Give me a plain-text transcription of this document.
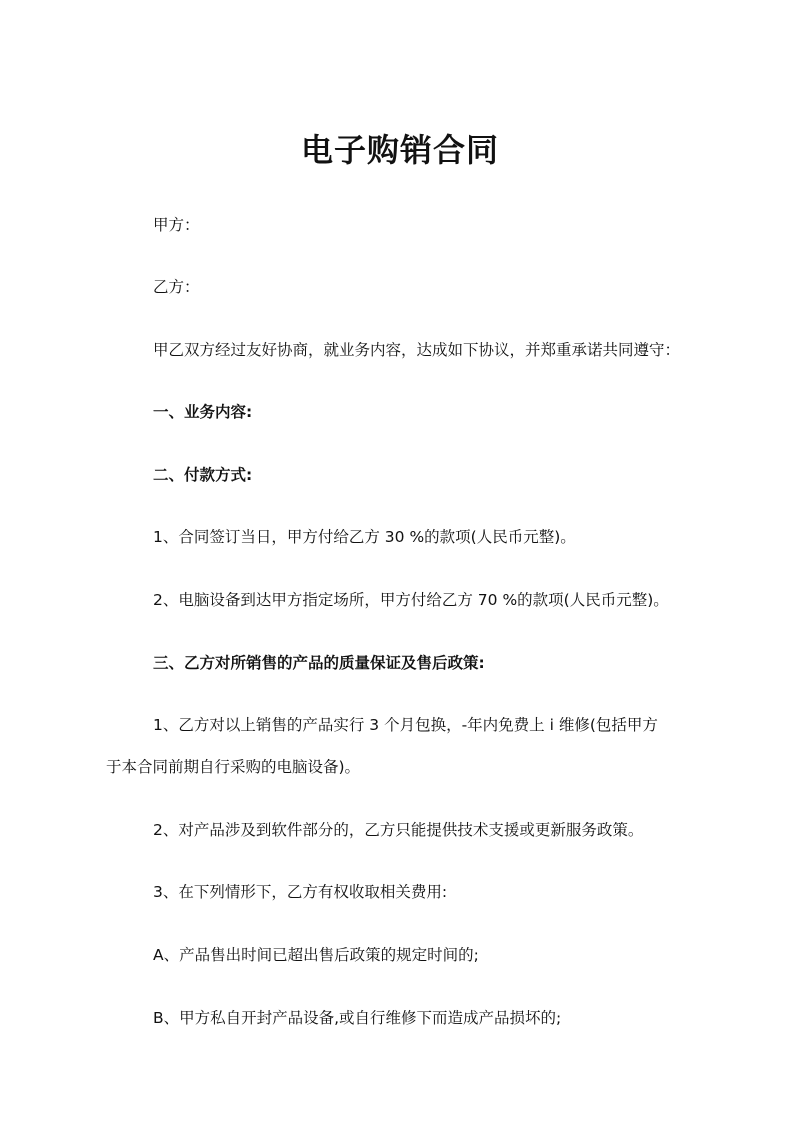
电子购销合同

甲方：

乙方：

甲乙双方经过友好协商，就业务内容，达成如下协议，并郑重承诺共同遵守：

一、业务内容:

二、付款方式:

1、合同签订当日，甲方付给乙方 30 %的款项(人民币元整)。

2、电脑设备到达甲方指定场所，甲方付给乙方 70 %的款项(人民币元整)。

三、乙方对所销售的产品的质量保证及售后政策:

1、乙方对以上销售的产品实行 3 个月包换，-年内免费上 i 维修(包括甲方

于本合同前期自行采购的电脑设备)。

2、对产品涉及到软件部分的，乙方只能提供技术支援或更新服务政策。

3、在下列情形下，乙方有权收取相关费用:

A、产品售出时间已超出售后政策的规定时间的;

B、甲方私自开封产品设备,或自行维修下而造成产品损坏的;
